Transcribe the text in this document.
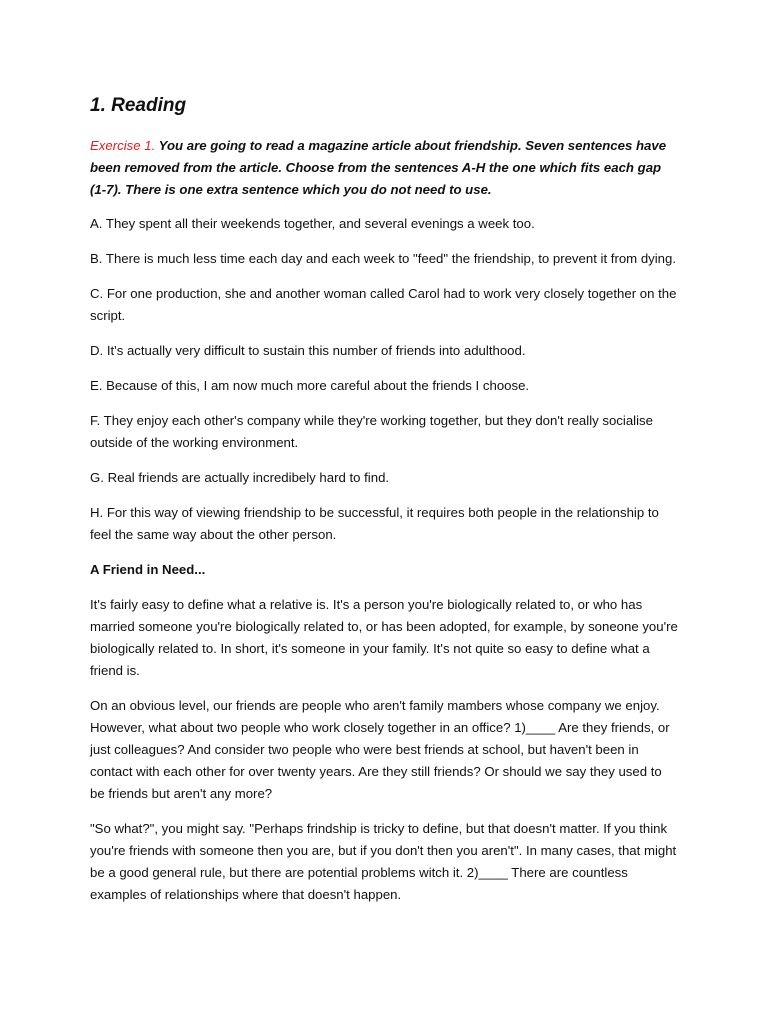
1. Reading
Exercise 1. You are going to read a magazine article about friendship. Seven sentences have been removed from the article. Choose from the sentences A-H the one which fits each gap (1-7). There is one extra sentence which you do not need to use.

A. They spent all their weekends together, and several evenings a week too.

B. There is much less time each day and each week to "feed" the friendship, to prevent it from dying.

C. For one production, she and another woman called Carol had to work very closely together on the script.

D. It's actually very difficult to sustain this number of friends into adulthood.

E. Because of this, I am now much more careful about the friends I choose.

F. They enjoy each other's company while they're working together, but they don't really socialise outside of the working environment.

G. Real friends are actually incredibely hard to find.

H. For this way of viewing friendship to be successful, it requires both people in the relationship to feel the same way about the other person.

A Friend in Need...

It's fairly easy to define what a relative is. It's a person you're biologically related to, or who has married someone you're biologically related to, or has been adopted, for example, by sonеone you're biologically related to. In short, it's someone in your family. It's not quite so easy to define what a friend is.

On an obvious level, our friends are people who aren't family mambers whose company we enjoy. However, what about two people who work closely together in an office? 1)____ Are they friends, or just colleagues? And consider two people who were best friends at school, but haven't been in contact with each other for over twenty years. Are they still friends? Or should we say they used to be friends but aren't any more?

"So what?", you might say. "Perhaps frindship is tricky to define, but that doesn't matter. If you think you're friends with someone then you are, but if you don't then you aren't". In many cases, that might be a good general rule, but there are potential problems witch it. 2)____ There are countless examples of relationships where that doesn't happen.
